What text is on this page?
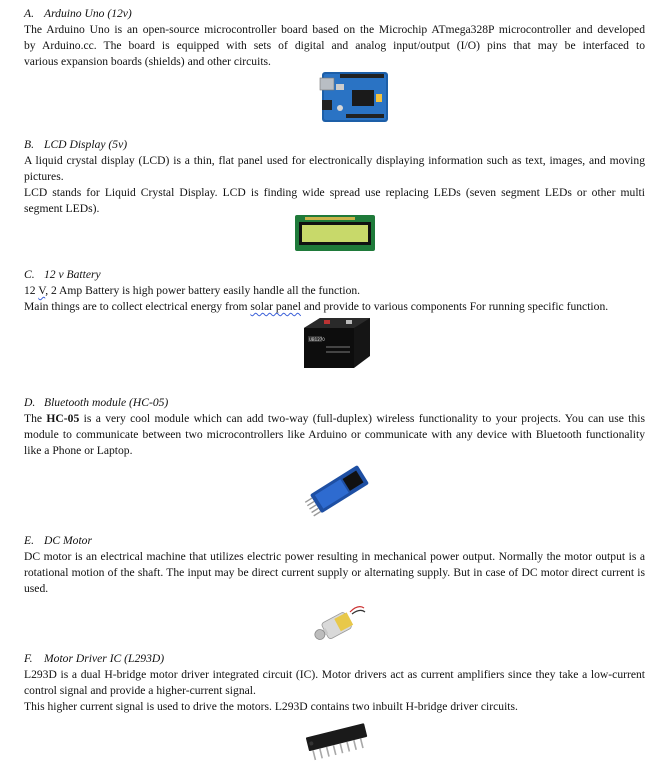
A. Arduino Uno (12v)
The Arduino Uno is an open-source microcontroller board based on the Microchip ATmega328P microcontroller and developed
by Arduino.cc. The board is equipped with sets of digital and analog input/output (I/O) pins that may be interfaced to
various expansion boards (shields) and other circuits.
B. LCD Display (5v)
A liquid crystal display (LCD) is a thin, flat panel used for electronically displaying information such as text, images, and moving
pictures.
LCD stands for Liquid Crystal Display. LCD is finding wide spread use replacing LEDs (seven segment LEDs or other multi
segment LEDs).
C. 12 v Battery
12 V, 2 Amp Battery is high power battery easily handle all the function.
Main things are to collect electrical energy from solar panel and provide to various components For running specific function.
UB1270
D. Bluetooth module (HC-05)
The HC-05 is a very cool module which can add two-way (full-duplex) wireless functionality to your projects. You can use this
module to communicate between two microcontrollers like Arduino or communicate with any device with Bluetooth functionality
like a Phone or Laptop.
E. DC Motor
DC motor is an electrical machine that utilizes electric power resulting in mechanical power output. Normally the motor output is a
rotational motion of the shaft. The input may be direct current supply or alternating supply. But in case of DC motor direct current is
used.
F. Motor Driver IC (L293D)
L293D is a dual H-bridge motor driver integrated circuit (IC). Motor drivers act as current amplifiers since they take a low-current
control signal and provide a higher-current signal.
This higher current signal is used to drive the motors. L293D contains two inbuilt H-bridge driver circuits.
